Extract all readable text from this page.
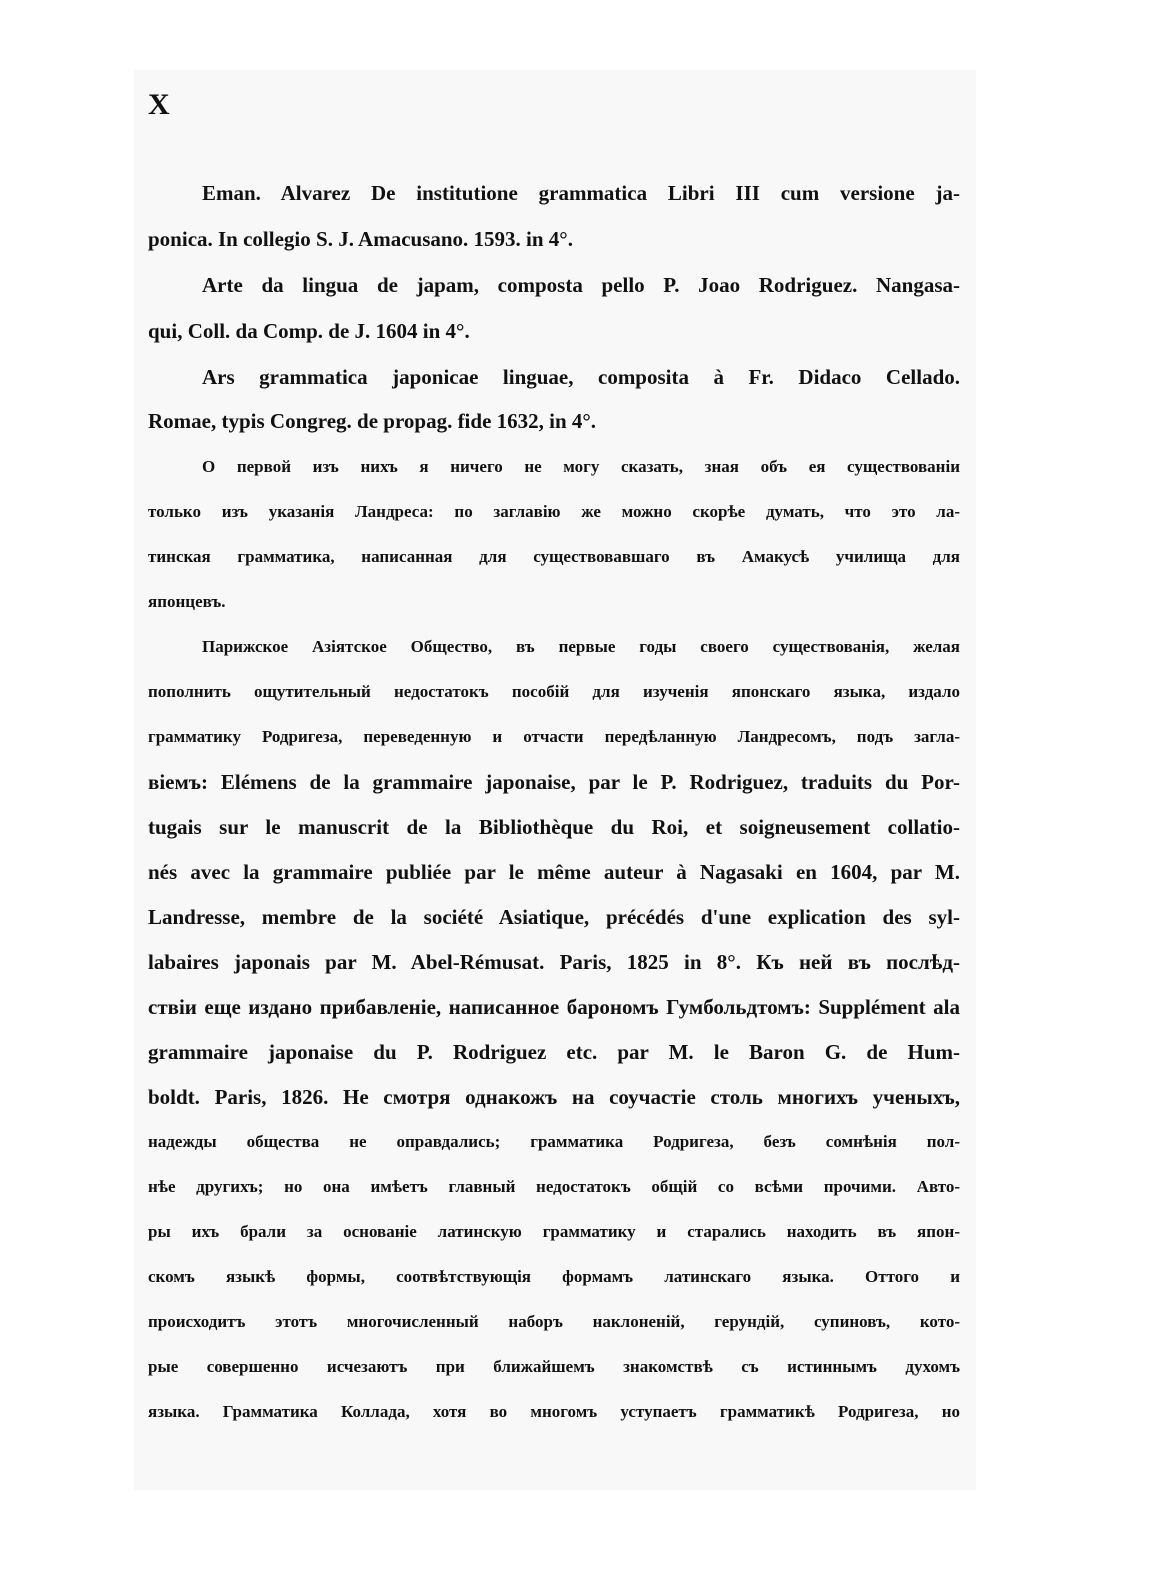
X
Eman. Alvarez De institutione grammatica Libri III cum versione ja-
ponica. In collegio S. J. Amacusano. 1593. in 4°.
Arte da lingua de japam, composta pello P. Joao Rodriguez. Nangasa-
qui, Coll. da Comp. de J. 1604 in 4°.
Ars grammatica japonicae linguae, composita à Fr. Didaco Cellado.
Romae, typis Congreg. de propag. fide 1632, in 4°.
О первой изъ нихъ я ничего не могу сказать, зная объ ея существованіи
только изъ указанія Ландреса: по заглавію же можно скорѣе думать, что это ла-
тинская грамматика, написанная для существовавшаго въ Амакусѣ училища для
японцевъ.
Парижское Азіятское Общество, въ первые годы своего существованія, желая
пополнить ощутительный недостатокъ пособій для изученія японскаго языка, издало
грамматику Родригеза, переведенную и отчасти передѣланную Ландресомъ, подъ загла-
віемъ: Elémens de la grammaire japonaise, par le P. Rodriguez, traduits du Por-
tugais sur le manuscrit de la Bibliothèque du Roi, et soigneusement collatio-
nés avec la grammaire publiée par le même auteur à Nagasaki en 1604, par M.
Landresse, membre de la société Asiatique, précédés d'une explication des syl-
labaires japonais par M. Abel-Rémusat. Paris, 1825 in 8°. Къ ней въ послѣд-
ствіи еще издано прибавленіе, написанное барономъ Гумбольдтомъ: Supplément ala
grammaire japonaise du P. Rodriguez etc. par M. le Baron G. de Hum-
boldt. Paris, 1826. Не смотря однакожъ на соучастіе столь многихъ ученыхъ,
надежды общества не оправдались; грамматика Родригеза, безъ сомнѣнія пол-
нѣе другихъ; но она имѣетъ главный недостатокъ общій со всѣми прочими. Авто-
ры ихъ брали за основаніе латинскую грамматику и старались находить въ япон-
скомъ языкѣ формы, соотвѣтствующія формамъ латинскаго языка. Оттого и
происходитъ этотъ многочисленный наборъ наклоненій, герундій, супиновъ, кото-
рые совершенно исчезаютъ при ближайшемъ знакомствѣ съ истиннымъ духомъ
языка. Грамматика Коллада, хотя во многомъ уступаетъ грамматикѣ Родригеза, но
